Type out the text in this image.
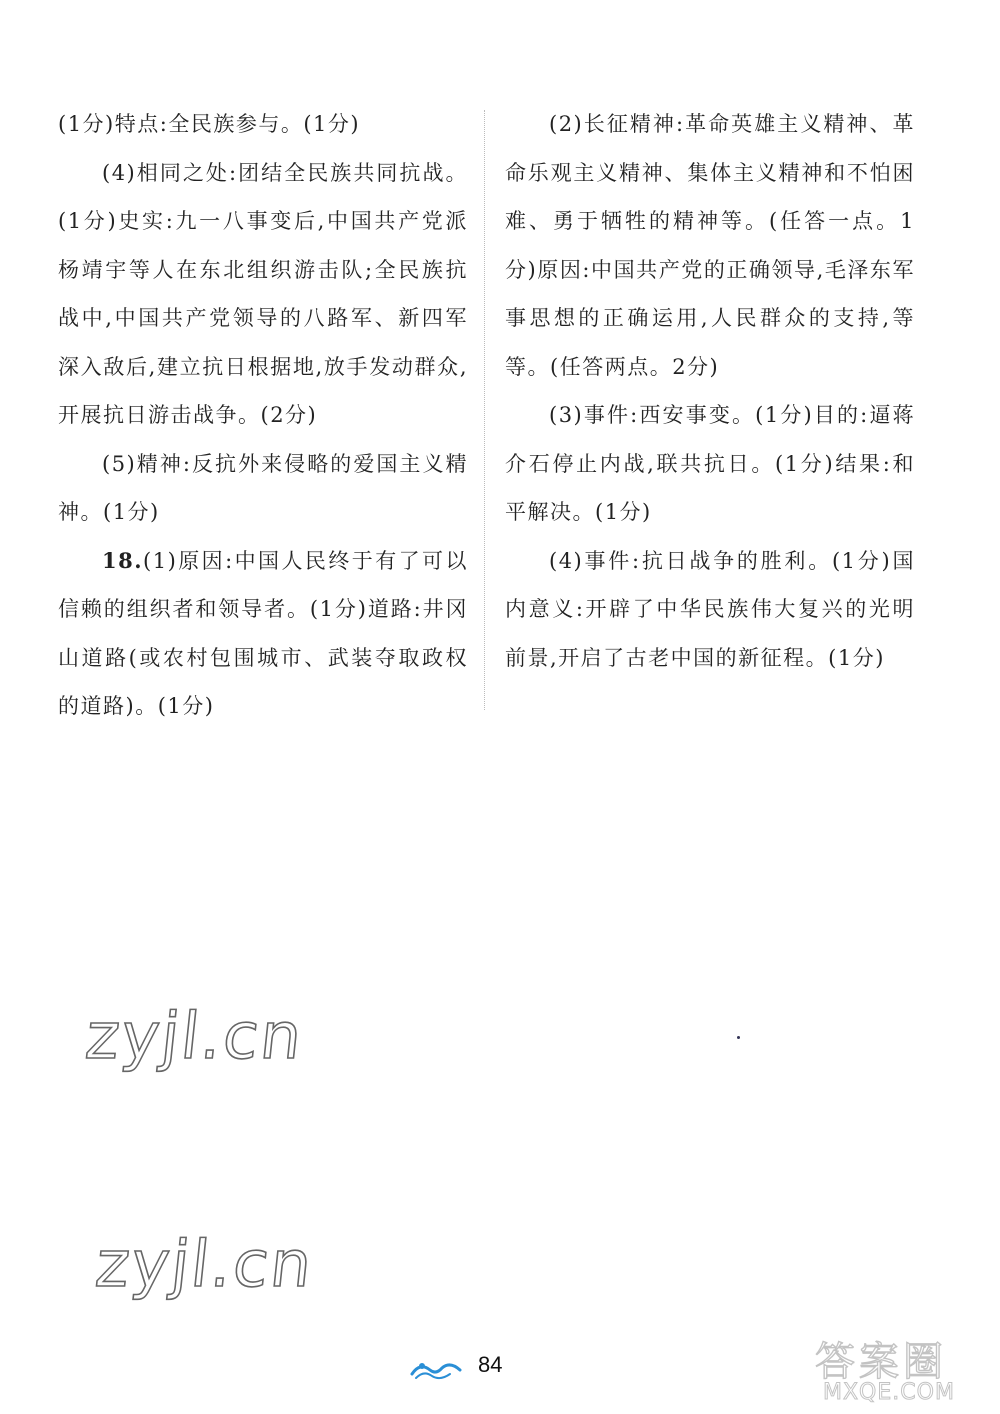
(1分)特点:全民族参与。(1分)

(4)相同之处:团结全民族共同抗战。(1分)史实:九一八事变后,中国共产党派杨靖宇等人在东北组织游击队;全民族抗战中,中国共产党领导的八路军、新四军深入敌后,建立抗日根据地,放手发动群众,开展抗日游击战争。(2分)

(5)精神:反抗外来侵略的爱国主义精神。(1分)

18.(1)原因:中国人民终于有了可以信赖的组织者和领导者。(1分)道路:井冈山道路(或农村包围城市、武装夺取政权的道路)。(1分)

(2)长征精神:革命英雄主义精神、革命乐观主义精神、集体主义精神和不怕困难、勇于牺牲的精神等。(任答一点。1分)原因:中国共产党的正确领导,毛泽东军事思想的正确运用,人民群众的支持,等等。(任答两点。2分)

(3)事件:西安事变。(1分)目的:逼蒋介石停止内战,联共抗日。(1分)结果:和平解决。(1分)

(4)事件:抗日战争的胜利。(1分)国内意义:开辟了中华民族伟大复兴的光明前景,开启了古老中国的新征程。(1分)

zyjl.cn
zyjl.cn
84	答案圈
MXQE.COM
